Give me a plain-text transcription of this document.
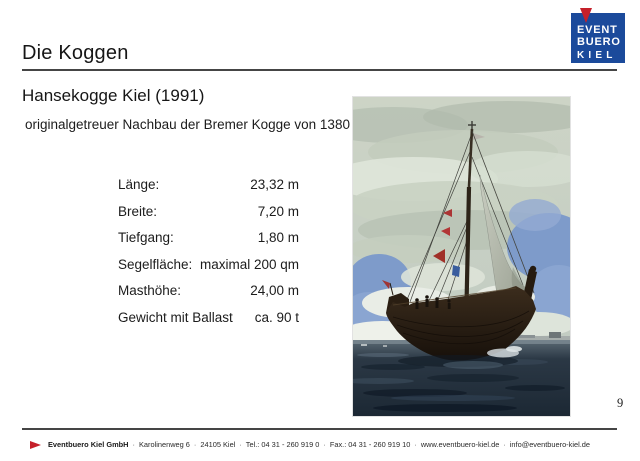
Die Koggen
EVENT
BUERO
KIEL
Hansekogge Kiel (1991)
originalgetreuer Nachbau der Bremer Kogge von 1380
Länge:	23,32 m
Breite:	7,20 m
Tiefgang:	1,80 m
Segelfläche: maximal 200 qm
Masthöhe:	24,00 m
Gewicht mit Ballast ca. 90 t
9
Eventbuero Kiel GmbH · Karolinenweg 6 · 24105 Kiel · Tel.: 04 31 - 260 919 0 · Fax.: 04 31 - 260 919 10 · www.eventbuero-kiel.de · info@eventbuero-kiel.de
